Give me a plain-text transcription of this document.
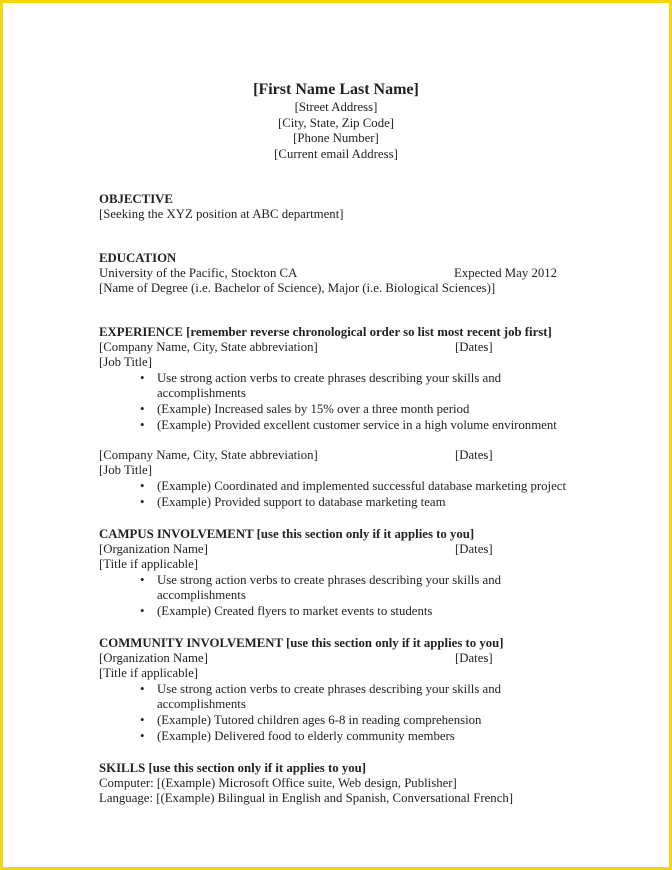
[First Name Last Name]
[Street Address]
[City, State, Zip Code]
[Phone Number]
[Current email Address]
OBJECTIVE
[Seeking the XYZ position at ABC department]
EDUCATION
University of the Pacific, Stockton CA	Expected May 2012
[Name of Degree (i.e. Bachelor of Science), Major (i.e. Biological Sciences)]
EXPERIENCE [remember reverse chronological order so list most recent job first]
[Company Name, City, State abbreviation]	[Dates]
[Job Title]
• Use strong action verbs to create phrases describing your skills and accomplishments
• (Example) Increased sales by 15% over a three month period
• (Example) Provided excellent customer service in a high volume environment
[Company Name, City, State abbreviation]	[Dates]
[Job Title]
• (Example) Coordinated and implemented successful database marketing project
• (Example) Provided support to database marketing team
CAMPUS INVOLVEMENT [use this section only if it applies to you]
[Organization Name]	[Dates]
[Title if applicable]
• Use strong action verbs to create phrases describing your skills and accomplishments
• (Example) Created flyers to market events to students
COMMUNITY INVOLVEMENT [use this section only if it applies to you]
[Organization Name]	[Dates]
[Title if applicable]
• Use strong action verbs to create phrases describing your skills and accomplishments
• (Example) Tutored children ages 6-8 in reading comprehension
• (Example) Delivered food to elderly community members
SKILLS [use this section only if it applies to you]
Computer: [(Example) Microsoft Office suite, Web design, Publisher]
Language: [(Example) Bilingual in English and Spanish, Conversational French]
